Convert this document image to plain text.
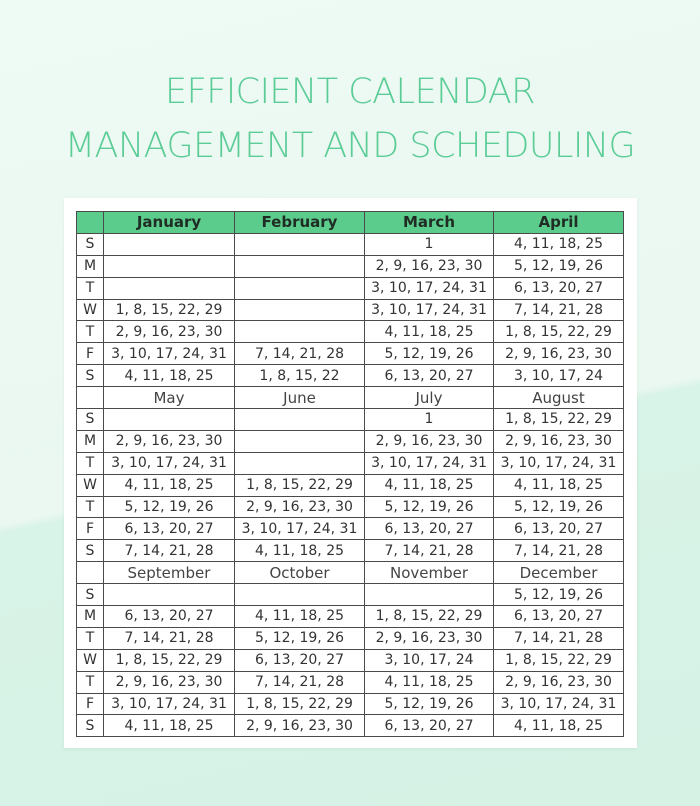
EFFICIENT CALENDAR
MANAGEMENT AND SCHEDULING
	January	February	March	April
S			1	4, 11, 18, 25
M			2, 9, 16, 23, 30	5, 12, 19, 26
T			3, 10, 17, 24, 31	6, 13, 20, 27
W	1, 8, 15, 22, 29		3, 10, 17, 24, 31	7, 14, 21, 28
T	2, 9, 16, 23, 30		4, 11, 18, 25	1, 8, 15, 22, 29
F	3, 10, 17, 24, 31	7, 14, 21, 28	5, 12, 19, 26	2, 9, 16, 23, 30
S	4, 11, 18, 25	1, 8, 15, 22	6, 13, 20, 27	3, 10, 17, 24
	May	June	July	August
S			1	1, 8, 15, 22, 29
M	2, 9, 16, 23, 30		2, 9, 16, 23, 30	2, 9, 16, 23, 30
T	3, 10, 17, 24, 31		3, 10, 17, 24, 31	3, 10, 17, 24, 31
W	4, 11, 18, 25	1, 8, 15, 22, 29	4, 11, 18, 25	4, 11, 18, 25
T	5, 12, 19, 26	2, 9, 16, 23, 30	5, 12, 19, 26	5, 12, 19, 26
F	6, 13, 20, 27	3, 10, 17, 24, 31	6, 13, 20, 27	6, 13, 20, 27
S	7, 14, 21, 28	4, 11, 18, 25	7, 14, 21, 28	7, 14, 21, 28
	September	October	November	December
S				5, 12, 19, 26
M	6, 13, 20, 27	4, 11, 18, 25	1, 8, 15, 22, 29	6, 13, 20, 27
T	7, 14, 21, 28	5, 12, 19, 26	2, 9, 16, 23, 30	7, 14, 21, 28
W	1, 8, 15, 22, 29	6, 13, 20, 27	3, 10, 17, 24	1, 8, 15, 22, 29
T	2, 9, 16, 23, 30	7, 14, 21, 28	4, 11, 18, 25	2, 9, 16, 23, 30
F	3, 10, 17, 24, 31	1, 8, 15, 22, 29	5, 12, 19, 26	3, 10, 17, 24, 31
S	4, 11, 18, 25	2, 9, 16, 23, 30	6, 13, 20, 27	4, 11, 18, 25
